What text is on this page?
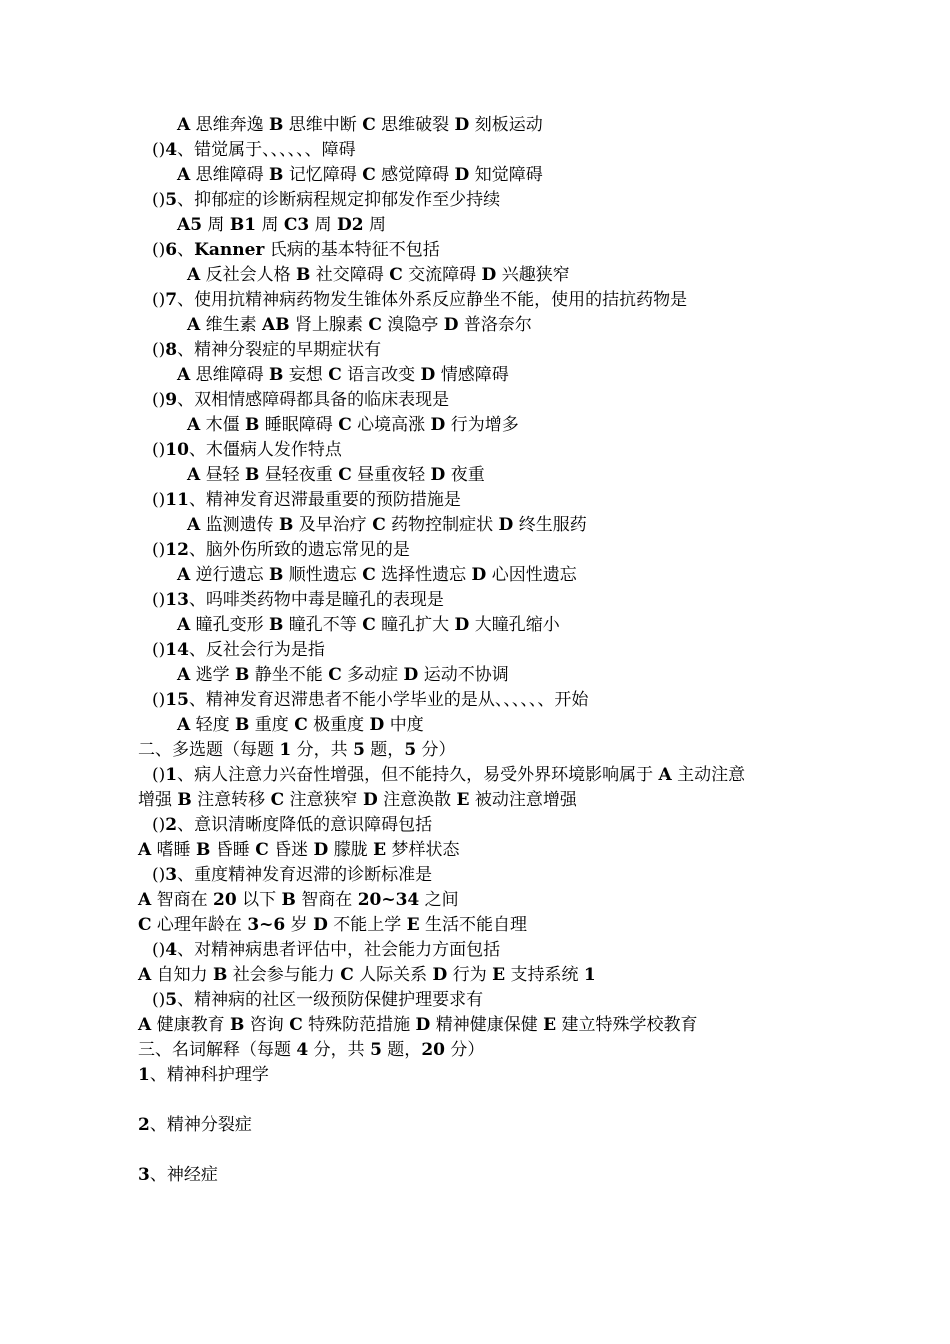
A 思维奔逸 B 思维中断 C 思维破裂 D 刻板运动
()4、错觉属于、、、、、、障碍
A 思维障碍 B 记忆障碍 C 感觉障碍 D 知觉障碍
()5、抑郁症的诊断病程规定抑郁发作至少持续
A5 周 B1 周 C3 周 D2 周
()6、Kanner 氏病的基本特征不包括
A 反社会人格 B 社交障碍 C 交流障碍 D 兴趣狭窄
()7、使用抗精神病药物发生锥体外系反应静坐不能，使用的拮抗药物是
A 维生素 AB 肾上腺素 C 溴隐亭 D 普洛奈尔
()8、精神分裂症的早期症状有
A 思维障碍 B 妄想 C 语言改变 D 情感障碍
()9、双相情感障碍都具备的临床表现是
A 木僵 B 睡眠障碍 C 心境高涨 D 行为增多
()10、木僵病人发作特点
A 昼轻 B 昼轻夜重 C 昼重夜轻 D 夜重
()11、精神发育迟滞最重要的预防措施是
A 监测遗传 B 及早治疗 C 药物控制症状 D 终生服药
()12、脑外伤所致的遗忘常见的是
A 逆行遗忘 B 顺性遗忘 C 选择性遗忘 D 心因性遗忘
()13、吗啡类药物中毒是瞳孔的表现是
A 瞳孔变形 B 瞳孔不等 C 瞳孔扩大 D 大瞳孔缩小
()14、反社会行为是指
A 逃学 B 静坐不能 C 多动症 D 运动不协调
()15、精神发育迟滞患者不能小学毕业的是从、、、、、、开始
A 轻度 B 重度 C 极重度 D 中度
二、多选题（每题 1 分，共 5 题，5 分）
()1、病人注意力兴奋性增强，但不能持久，易受外界环境影响属于 A 主动注意
增强 B 注意转移 C 注意狭窄 D 注意涣散 E 被动注意增强
()2、意识清晰度降低的意识障碍包括
A 嗜睡 B 昏睡 C 昏迷 D 朦胧 E 梦样状态
()3、重度精神发育迟滞的诊断标准是
A 智商在 20 以下 B 智商在 20~34 之间
C 心理年龄在 3~6 岁 D 不能上学 E 生活不能自理
()4、对精神病患者评估中，社会能力方面包括
A 自知力 B 社会参与能力 C 人际关系 D 行为 E 支持系统 1
()5、精神病的社区一级预防保健护理要求有
A 健康教育 B 咨询 C 特殊防范措施 D 精神健康保健 E 建立特殊学校教育
三、名词解释（每题 4 分，共 5 题，20 分）
1、精神科护理学
2、精神分裂症
3、神经症
